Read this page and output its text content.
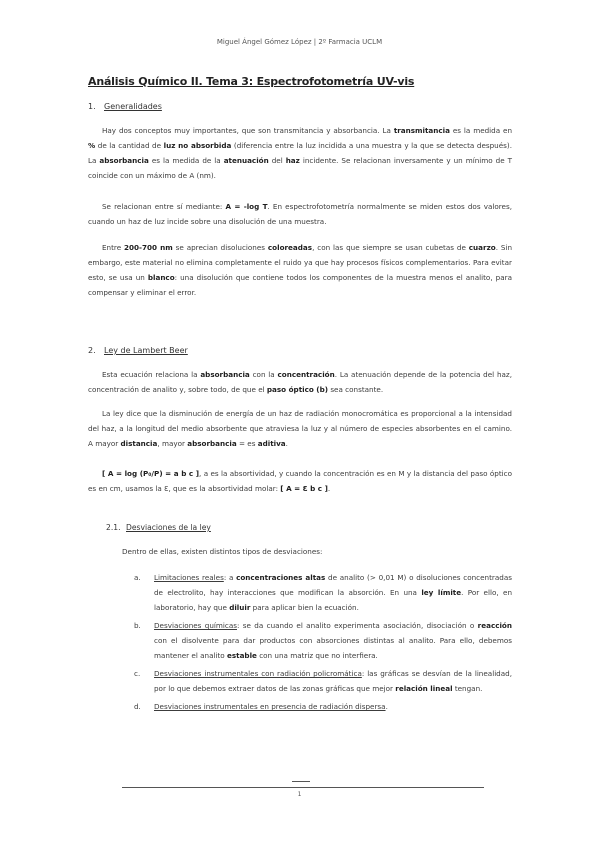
Miguel Ángel Gómez López | 2º Farmacia UCLM
Análisis Químico II. Tema 3: Espectrofotometría UV-vis
1. Generalidades
Hay dos conceptos muy importantes, que son transmitancia y absorbancia. La transmitancia es la medida en % de la cantidad de luz no absorbida (diferencia entre la luz incidida a una muestra y la que se detecta después). La absorbancia es la medida de la atenuación del haz incidente. Se relacionan inversamente y un mínimo de T coincide con un máximo de A (nm).
Se relacionan entre sí mediante: A = -log T. En espectrofotometría normalmente se miden estos dos valores, cuando un haz de luz incide sobre una disolución de una muestra.
Entre 200-700 nm se aprecian disoluciones coloreadas, con las que siempre se usan cubetas de cuarzo. Sin embargo, este material no elimina completamente el ruido ya que hay procesos físicos complementarios. Para evitar esto, se usa un blanco: una disolución que contiene todos los componentes de la muestra menos el analito, para compensar y eliminar el error.
2. Ley de Lambert Beer
Esta ecuación relaciona la absorbancia con la concentración. La atenuación depende de la potencia del haz, concentración de analito y, sobre todo, de que el paso óptico (b) sea constante.
La ley dice que la disminución de energía de un haz de radiación monocromática es proporcional a la intensidad del haz, a la longitud del medio absorbente que atraviesa la luz y al número de especies absorbentes en el camino. A mayor distancia, mayor absorbancia = es aditiva.
[ A = log (P₀/P) = a b c ], a es la absortividad, y cuando la concentración es en M y la distancia del paso óptico es en cm, usamos la Ɛ, que es la absortividad molar: [ A = Ɛ b c ].
2.1. Desviaciones de la ley
Dentro de ellas, existen distintos tipos de desviaciones:
a. Limitaciones reales: a concentraciones altas de analito (> 0,01 M) o disoluciones concentradas de electrolito, hay interacciones que modifican la absorción. En una ley límite. Por ello, en laboratorio, hay que diluir para aplicar bien la ecuación.
b. Desviaciones químicas: se da cuando el analito experimenta asociación, disociación o reacción con el disolvente para dar productos con absorciones distintas al analito. Para ello, debemos mantener el analito estable con una matriz que no interfiera.
c. Desviaciones instrumentales con radiación policromática: las gráficas se desvían de la linealidad, por lo que debemos extraer datos de las zonas gráficas que mejor relación lineal tengan.
d. Desviaciones instrumentales en presencia de radiación dispersa.
1
